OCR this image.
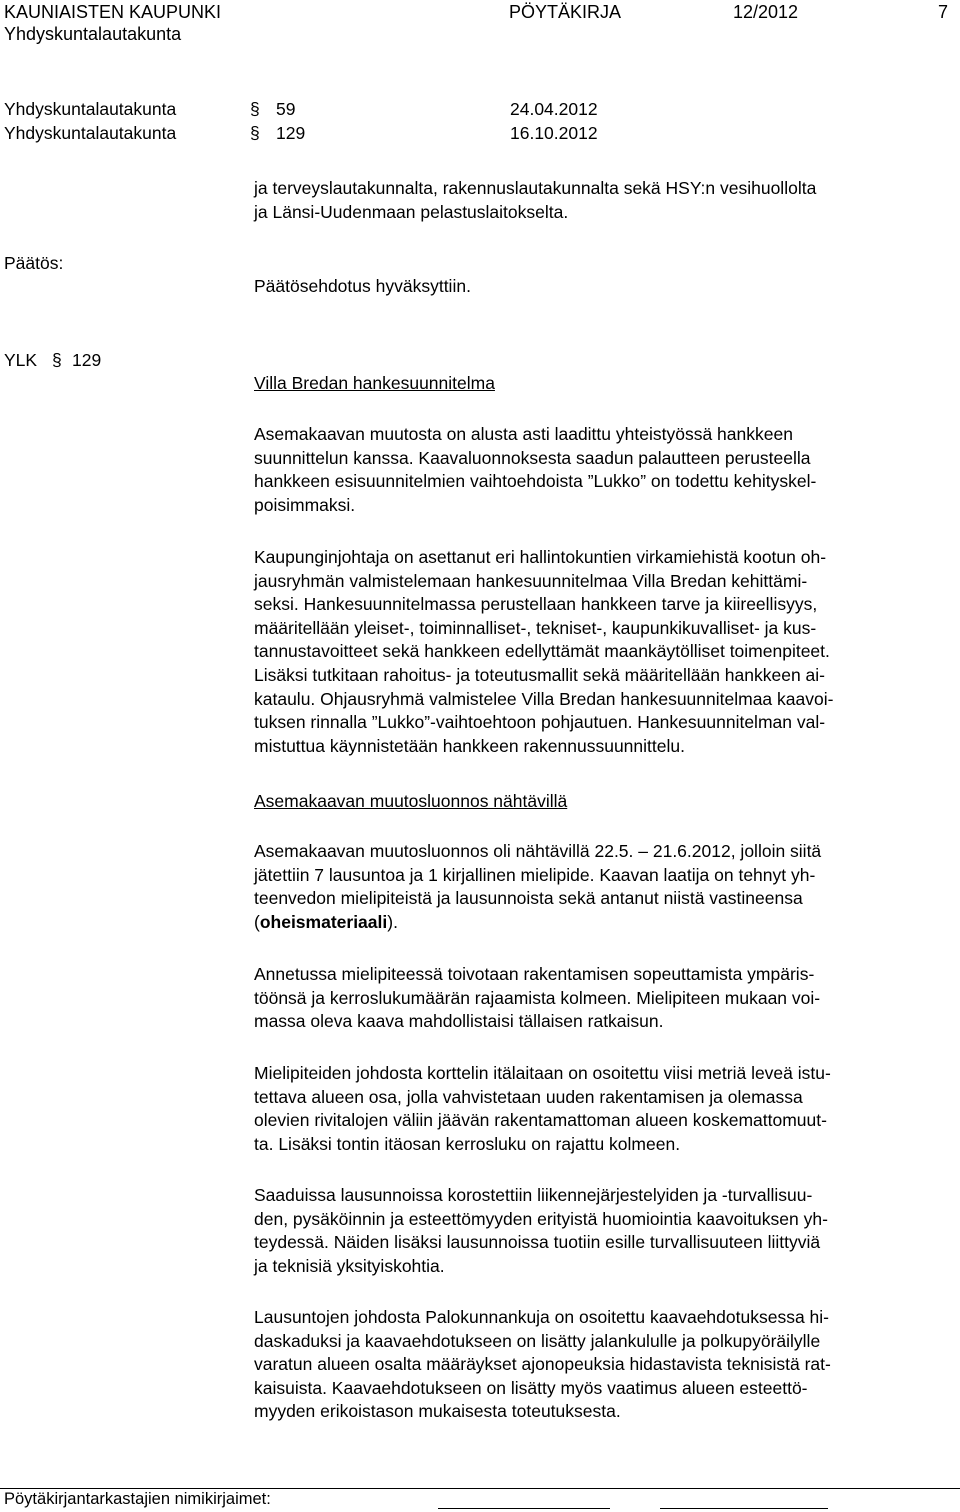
KAUNIAISTEN KAUPUNKI	PÖYTÄKIRJA	12/2012	7
Yhdyskuntalautakunta
Yhdyskuntalautakunta	§ 59	24.04.2012
Yhdyskuntalautakunta	§ 129	16.10.2012
ja terveyslautakunnalta, rakennuslautakunnalta sekä HSY:n vesihuollolta
ja Länsi-Uudenmaan pelastuslaitokselta.
Päätös:
Päätösehdotus hyväksyttiin.
YLK § 129
Villa Bredan hankesuunnitelma
Asemakaavan muutosta on alusta asti laadittu yhteistyössä hankkeen
suunnittelun kanssa. Kaavaluonnoksesta saadun palautteen perusteella
hankkeen esisuunnitelmien vaihtoehdoista ”Lukko” on todettu kehityskel-
poisimmaksi.
Kaupunginjohtaja on asettanut eri hallintokuntien virkamiehistä kootun oh-
jausryhmän valmistelemaan hankesuunnitelmaa Villa Bredan kehittämi-
seksi. Hankesuunnitelmassa perustellaan hankkeen tarve ja kiireellisyys,
määritellään yleiset-, toiminnalliset-, tekniset-, kaupunkikuvalliset- ja kus-
tannustavoitteet sekä hankkeen edellyttämät maankäytölliset toimenpiteet.
Lisäksi tutkitaan rahoitus- ja toteutusmallit sekä määritellään hankkeen ai-
kataulu. Ohjausryhmä valmistelee Villa Bredan hankesuunnitelmaa kaavoi-
tuksen rinnalla ”Lukko”-vaihtoehtoon pohjautuen. Hankesuunnitelman val-
mistuttua käynnistetään hankkeen rakennussuunnittelu.
Asemakaavan muutosluonnos nähtävillä
Asemakaavan muutosluonnos oli nähtävillä 22.5. – 21.6.2012, jolloin siitä
jätettiin 7 lausuntoa ja 1 kirjallinen mielipide. Kaavan laatija on tehnyt yh-
teenvedon mielipiteistä ja lausunnoista sekä antanut niistä vastineensa
(oheismateriaali).
Annetussa mielipiteessä toivotaan rakentamisen sopeuttamista ympäris-
töönsä ja kerroslukumäärän rajaamista kolmeen. Mielipiteen mukaan voi-
massa oleva kaava mahdollistaisi tällaisen ratkaisun.
Mielipiteiden johdosta korttelin itälaitaan on osoitettu viisi metriä leveä istu-
tettava alueen osa, jolla vahvistetaan uuden rakentamisen ja olemassa
olevien rivitalojen väliin jäävän rakentamattoman alueen koskemattomuut-
ta. Lisäksi tontin itäosan kerrosluku on rajattu kolmeen.
Saaduissa lausunnoissa korostettiin liikennejärjestelyiden ja -turvallisuu-
den, pysäköinnin ja esteettömyyden erityistä huomiointia kaavoituksen yh-
teydessä. Näiden lisäksi lausunnoissa tuotiin esille turvallisuuteen liittyviä
ja teknisiä yksityiskohtia.
Lausuntojen johdosta Palokunnankuja on osoitettu kaavaehdotuksessa hi-
daskaduksi ja kaavaehdotukseen on lisätty jalankululle ja polkupyöräilylle
varatun alueen osalta määräykset ajonopeuksia hidastavista teknisistä rat-
kaisuista. Kaavaehdotukseen on lisätty myös vaatimus alueen esteettö-
myyden erikoistason mukaisesta toteutuksesta.
Pöytäkirjantarkastajien nimikirjaimet:
